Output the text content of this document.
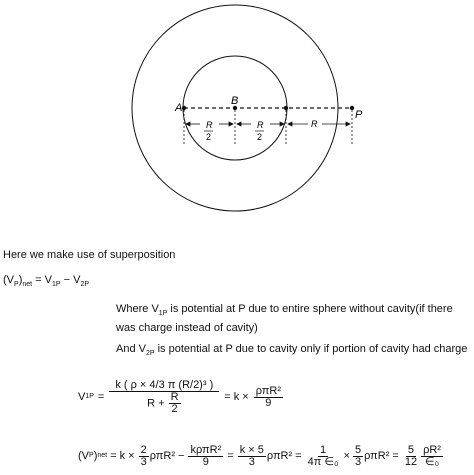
A
B
P
R
2
R
2
R
Here we make use of superposition
$(V_P)_{net} = V_{1P} - V_{2P}$
Where $V_{1P}$ is potential at P due to entire sphere without cavity(if there was charge instead of cavity)
And $V_{2P}$ is potential at P due to cavity only if portion of cavity had charge
V $1P = \frac{\text{k ( ρ × 4/3 π (R/2)³ )}}{R + \frac{R}{2}} = k \times \frac{\text{ρπR²}}{9}$
( V P ) net = $k \times \frac{2}{3} \rho\pi R^2 - \frac{\text{kρπR²}}{9} = \frac{k \times 5}{3} \rho\pi R^2 = \frac{1}{\text{4π ∈₀}} \times \frac{5}{3} \rho\pi R^2 = \frac{5}{12} \frac{\text{ρR²}}{\text{∈₀}}$
